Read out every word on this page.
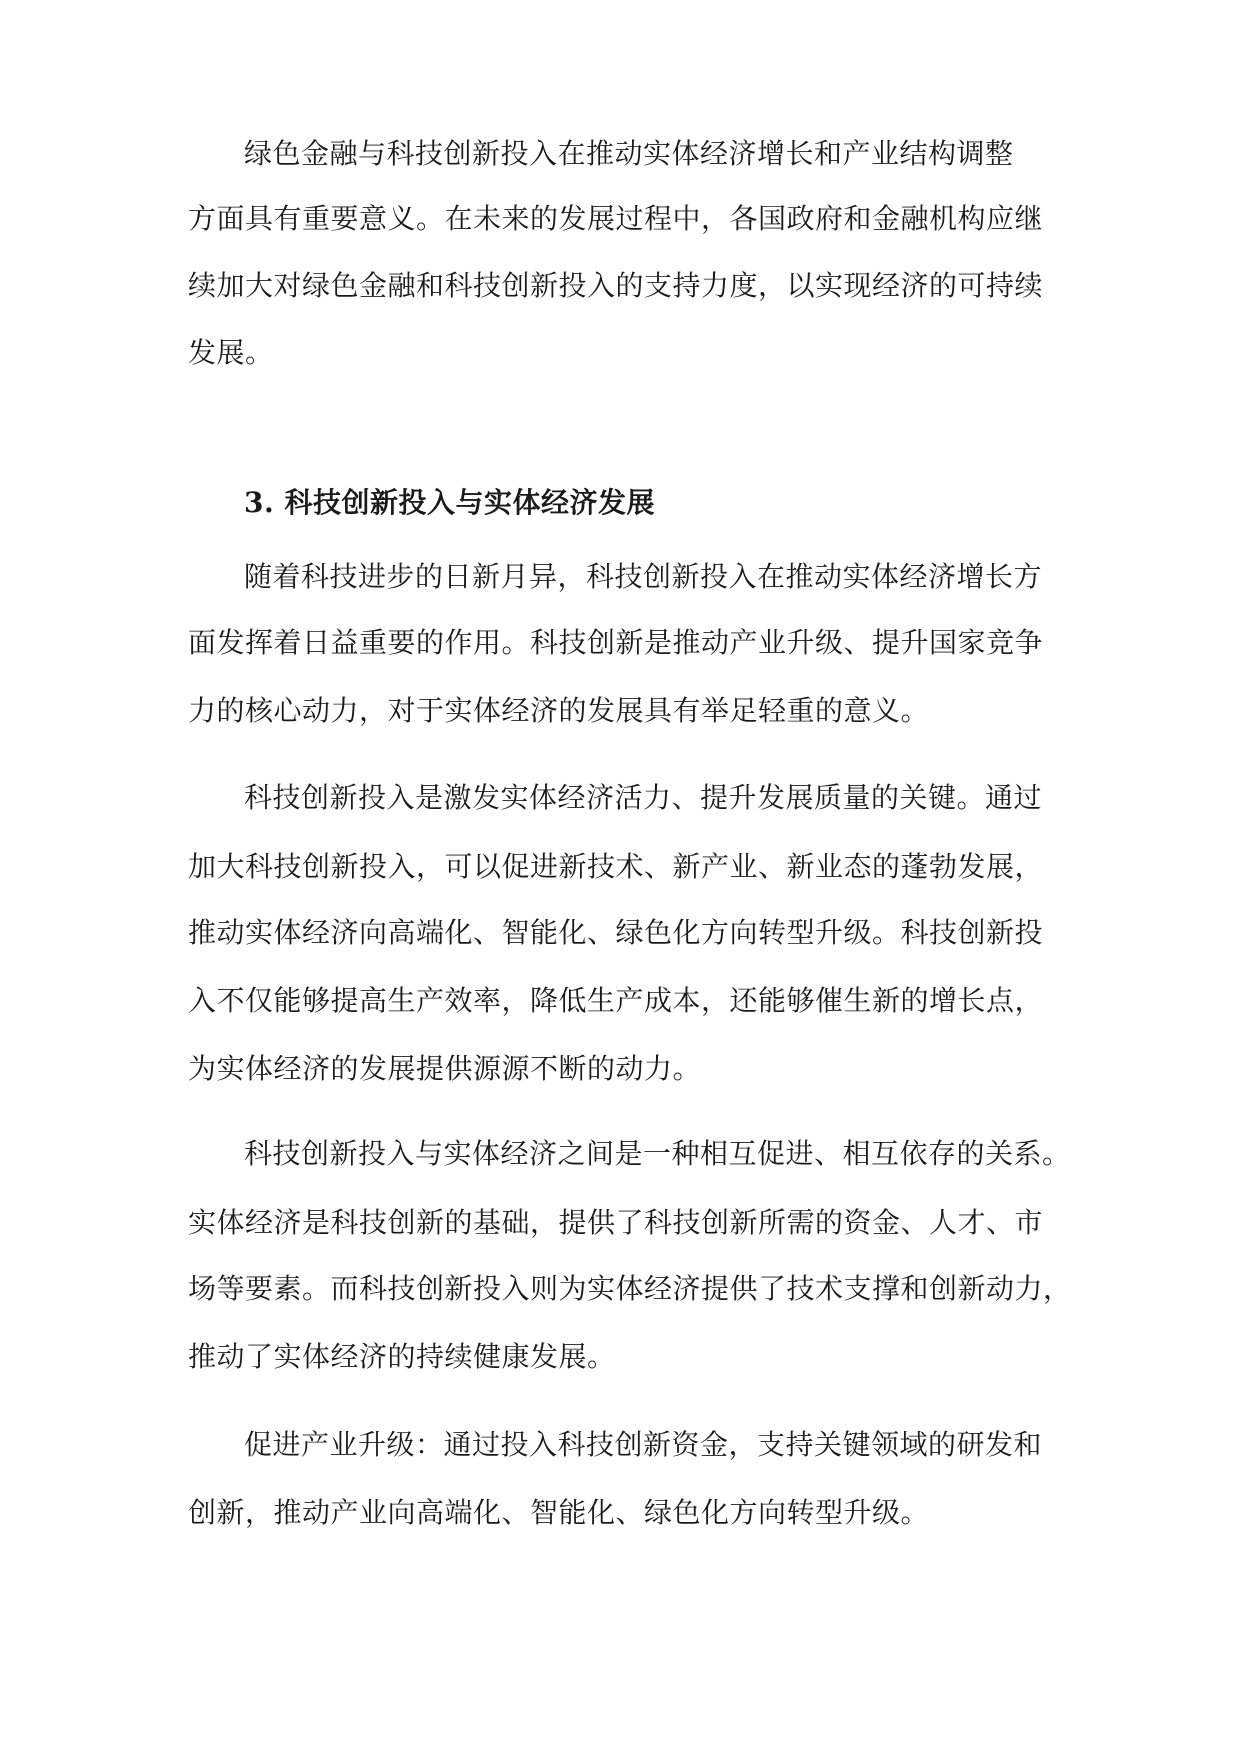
绿色金融与科技创新投入在推动实体经济增长和产业结构调整
方面具有重要意义。在未来的发展过程中，各国政府和金融机构应继
续加大对绿色金融和科技创新投入的支持力度，以实现经济的可持续
发展。
3. 科技创新投入与实体经济发展
随着科技进步的日新月异，科技创新投入在推动实体经济增长方
面发挥着日益重要的作用。科技创新是推动产业升级、提升国家竞争
力的核心动力，对于实体经济的发展具有举足轻重的意义。
科技创新投入是激发实体经济活力、提升发展质量的关键。通过
加大科技创新投入，可以促进新技术、新产业、新业态的蓬勃发展，
推动实体经济向高端化、智能化、绿色化方向转型升级。科技创新投
入不仅能够提高生产效率，降低生产成本，还能够催生新的增长点，
为实体经济的发展提供源源不断的动力。
科技创新投入与实体经济之间是一种相互促进、相互依存的关系。
实体经济是科技创新的基础，提供了科技创新所需的资金、人才、市
场等要素。而科技创新投入则为实体经济提供了技术支撑和创新动力，
推动了实体经济的持续健康发展。
促进产业升级：通过投入科技创新资金，支持关键领域的研发和
创新，推动产业向高端化、智能化、绿色化方向转型升级。
